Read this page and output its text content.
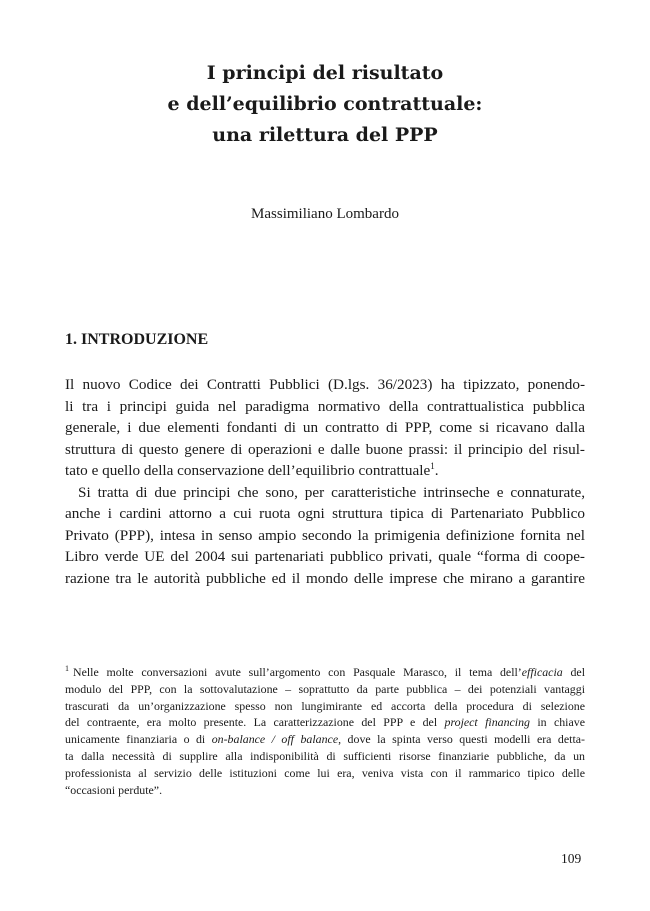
I principi del risultato
e dell’equilibrio contrattuale:
una rilettura del PPP
Massimiliano Lombardo
1. INTRODUZIONE
Il nuovo Codice dei Contratti Pubblici (D.lgs. 36/2023) ha tipizzato, ponendo-
li tra i principi guida nel paradigma normativo della contrattualistica pubblica
generale, i due elementi fondanti di un contratto di PPP, come si ricavano dalla
struttura di questo genere di operazioni e dalle buone prassi: il principio del risul-
tato e quello della conservazione dell’equilibrio contrattuale$^1$.
Si tratta di due principi che sono, per caratteristiche intrinseche e connaturate,
anche i cardini attorno a cui ruota ogni struttura tipica di Partenariato Pubblico
Privato (PPP), intesa in senso ampio secondo la primigenia definizione fornita nel
Libro verde UE del 2004 sui partenariati pubblico privati, quale “forma di coope-
razione tra le autorità pubbliche ed il mondo delle imprese che mirano a garantire
$^1$ Nelle molte conversazioni avute sull’argomento con Pasquale Marasco, il tema dell’efficacia del
modulo del PPP, con la sottovalutazione – soprattutto da parte pubblica – dei potenziali vantaggi
trascurati da un’organizzazione spesso non lungimirante ed accorta della procedura di selezione
del contraente, era molto presente. La caratterizzazione del PPP e del project financing in chiave
unicamente finanziaria o di on-balance / off balance, dove la spinta verso questi modelli era detta-
ta dalla necessità di supplire alla indisponibilità di sufficienti risorse finanziarie pubbliche, da un
professionista al servizio delle istituzioni come lui era, veniva vista con il rammarico tipico delle
“occasioni perdute”.
109
